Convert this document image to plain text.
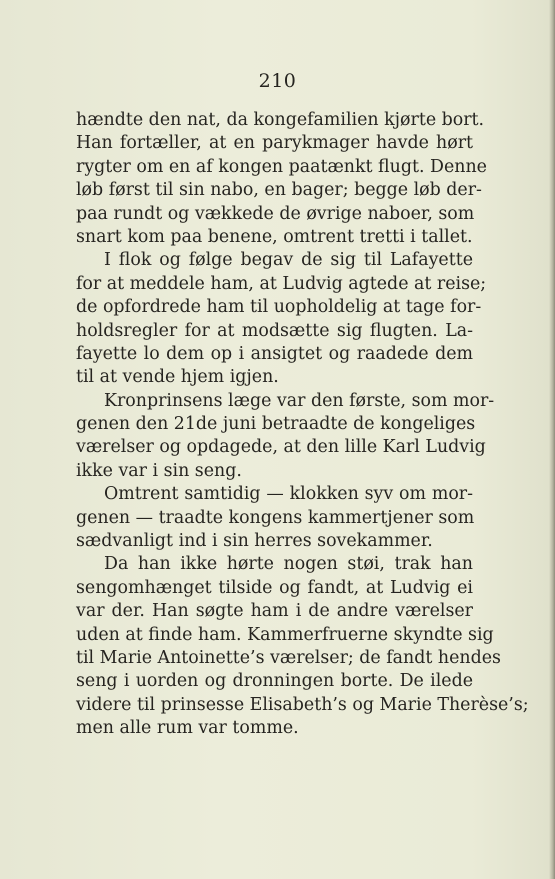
210
hændte den nat, da kongefamilien kjørte bort.
Han fortæller, at en parykmager havde hørt
rygter om en af kongen paatænkt flugt. Denne
løb først til sin nabo, en bager; begge løb der-
paa rundt og vækkede de øvrige naboer, som
snart kom paa benene, omtrent tretti i tallet.
I flok og følge begav de sig til Lafayette
for at meddele ham, at Ludvig agtede at reise;
de opfordrede ham til uopholdelig at tage for-
holdsregler for at modsætte sig flugten. La-
fayette lo dem op i ansigtet og raadede dem
til at vende hjem igjen.
Kronprinsens læge var den første, som mor-
genen den 21de juni betraadte de kongeliges
værelser og opdagede, at den lille Karl Ludvig
ikke var i sin seng.
Omtrent samtidig — klokken syv om mor-
genen — traadte kongens kammertjener som
sædvanligt ind i sin herres sovekammer.
Da han ikke hørte nogen støi, trak han
sengomhænget tilside og fandt, at Ludvig ei
var der. Han søgte ham i de andre værelser
uden at finde ham. Kammerfruerne skyndte sig
til Marie Antoinette’s værelser; de fandt hendes
seng i uorden og dronningen borte. De ilede
videre til prinsesse Elisabeth’s og Marie Therèse’s;
men alle rum var tomme.
